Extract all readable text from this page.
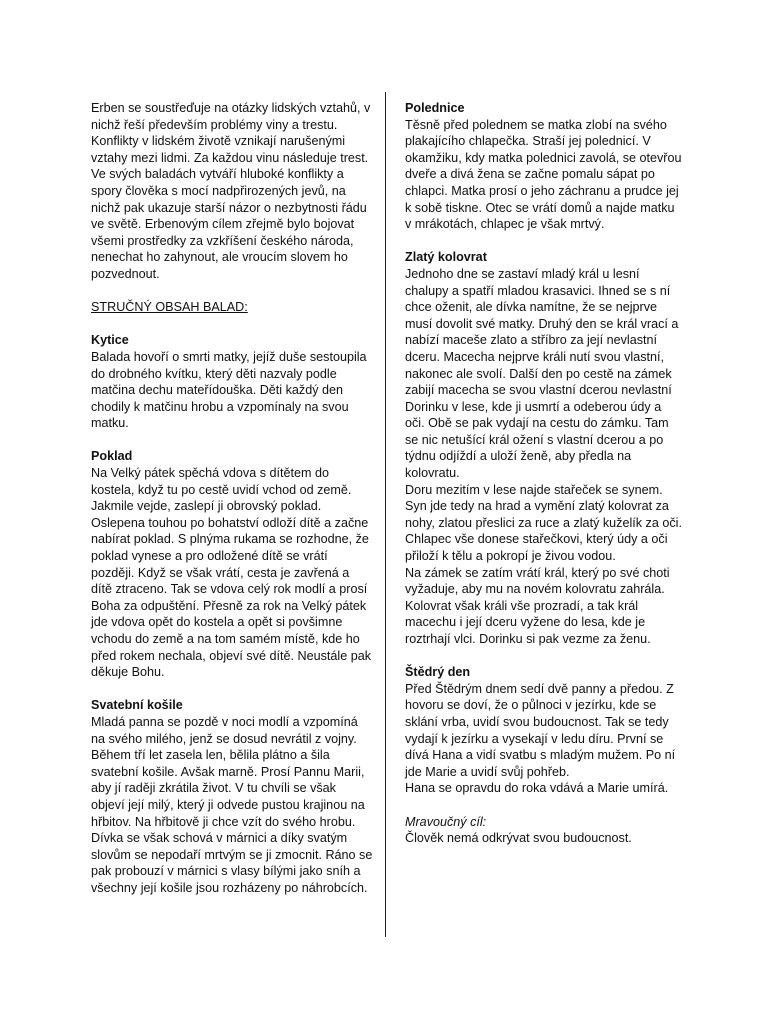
Erben se soustřeďuje na otázky lidských vztahů, v nichž řeší především problémy viny a trestu. Konflikty v lidském životě vznikají narušenými vztahy mezi lidmi. Za každou vinu následuje trest. Ve svých baladách vytváří hluboké konflikty a spory člověka s mocí nadpřirozených jevů, na nichž pak ukazuje starší názor o nezbytnosti řádu ve světě. Erbenovým cílem zřejmě bylo bojovat všemi prostředky za vzkříšení českého národa, nenechat ho zahynout, ale vroucím slovem ho pozvednout.

STRUČNÝ OBSAH BALAD:

Kytice

Balada hovoří o smrti matky, jejíž duše sestoupila do drobného kvítku, který děti nazvaly podle matčina dechu mateřídouška. Děti každý den chodily k matčinu hrobu a vzpomínaly na svou matku.

Poklad

Na Velký pátek spěchá vdova s dítětem do kostela, když tu po cestě uvidí vchod od země. Jakmile vejde, zaslepí ji obrovský poklad. Oslepena touhou po bohatství odloží dítě a začne nabírat poklad. S plnýma rukama se rozhodne, že poklad vynese a pro odložené dítě se vrátí později. Když se však vrátí, cesta je zavřená a dítě ztraceno. Tak se vdova celý rok modlí a prosí Boha za odpuštění. Přesně za rok na Velký pátek jde vdova opět do kostela a opět si povšimne vchodu do země a na tom samém místě, kde ho před rokem nechala, objeví své dítě. Neustále pak děkuje Bohu.

Svatební košile

Mladá panna se pozdě v noci modlí a vzpomíná na svého milého, jenž se dosud nevrátil z vojny. Během tří let zasela len, bělila plátno a šila svatební košile. Avšak marně. Prosí Pannu Marii, aby jí raději zkrátila život. V tu chvíli se však objeví její milý, který ji odvede pustou krajinou na hřbitov. Na hřbitově ji chce vzít do svého hrobu. Dívka se však schová v márnici a díky svatým slovům se nepodaří mrtvým se ji zmocnit. Ráno se pak probouzí v márnici s vlasy bílými jako sníh a všechny její košile jsou rozházeny po náhrobcích.

Polednice

Těsně před polednem se matka zlobí na svého plakajícího chlapečka. Straší jej polednicí. V okamžiku, kdy matka polednici zavolá, se otevřou dveře a divá žena se začne pomalu sápat po chlapci. Matka prosí o jeho záchranu a prudce jej k sobě tiskne. Otec se vrátí domů a najde matku v mrákotách, chlapec je však mrtvý.

Zlatý kolovrat

Jednoho dne se zastaví mladý král u lesní chalupy a spatří mladou krasavici. Ihned se s ní chce oženit, ale dívka namítne, že se nejprve musí dovolit své matky. Druhý den se král vrací a nabízí maceše zlato a stříbro za její nevlastní dceru. Macecha nejprve králi nutí svou vlastní, nakonec ale svolí. Další den po cestě na zámek zabijí macecha se svou vlastní dcerou nevlastní Dorinku v lese, kde ji usmrtí a odeberou údy a oči. Obě se pak vydají na cestu do zámku. Tam se nic netušící král ožení s vlastní dcerou a po týdnu odjíždí a uloží ženě, aby předla na kolovratu.

Doru mezitím v lese najde stařeček se synem. Syn jde tedy na hrad a vymění zlatý kolovrat za nohy, zlatou přeslici za ruce a zlatý kuželík za oči. Chlapec vše donese stařečkovi, který údy a oči přiloží k tělu a pokropí je živou vodou.

Na zámek se zatím vrátí král, který po své choti vyžaduje, aby mu na novém kolovratu zahrála. Kolovrat však králi vše prozradí, a tak král macechu i její dceru vyžene do lesa, kde je roztrhají vlci. Dorinku si pak vezme za ženu.

Štědrý den

Před Štědrým dnem sedí dvě panny a předou. Z hovoru se doví, že o půlnoci v jezírku, kde se sklání vrba, uvidí svou budoucnost. Tak se tedy vydají k jezírku a vysekají v ledu díru. První se dívá Hana a vidí svatbu s mladým mužem. Po ní jde Marie a uvidí svůj pohřeb.

Hana se opravdu do roka vdává a Marie umírá.

Mravoučný cíl:

Člověk nemá odkrývat svou budoucnost.
